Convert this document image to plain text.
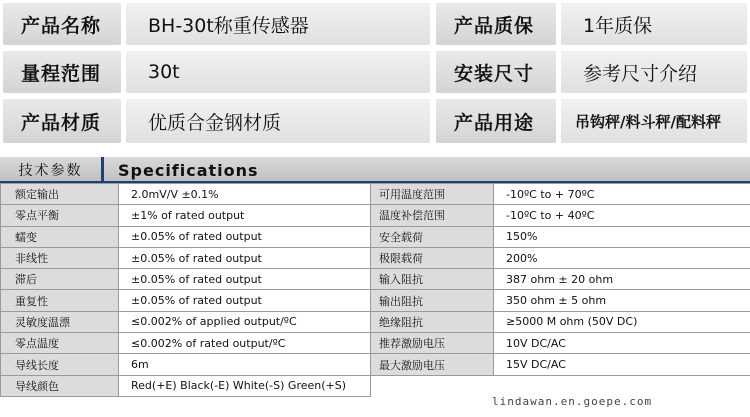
产品名称	BH-30t称重传感器	产品质保	1年质保
量程范围	30t	安装尺寸	参考尺寸介绍
产品材质	优质合金钢材质	产品用途	吊钩秤/料斗秤/配料秤
技术参数	Specifications
额定输出	2.0mV/V ±0.1%	可用温度范围	-10ºC to + 70ºC
零点平衡	±1% of rated output	温度补偿范围	-10ºC to + 40ºC
蠕变	±0.05% of rated output	安全载荷	150%
非线性	±0.05% of rated output	极限载荷	200%
滞后	±0.05% of rated output	输入阻抗	387 ohm ± 20 ohm
重复性	±0.05% of rated output	输出阻抗	350 ohm ± 5 ohm
灵敏度温漂	≤0.002% of applied output/ºC	绝缘阻抗	≥5000 M ohm (50V DC)
零点温度	≤0.002% of rated output/ºC	推荐激励电压	10V DC/AC
导线长度	6m	最大激励电压	15V DC/AC
导线颜色	Red(+E) Black(-E) White(-S) Green(+S)		
lindawan.en.goepe.com
